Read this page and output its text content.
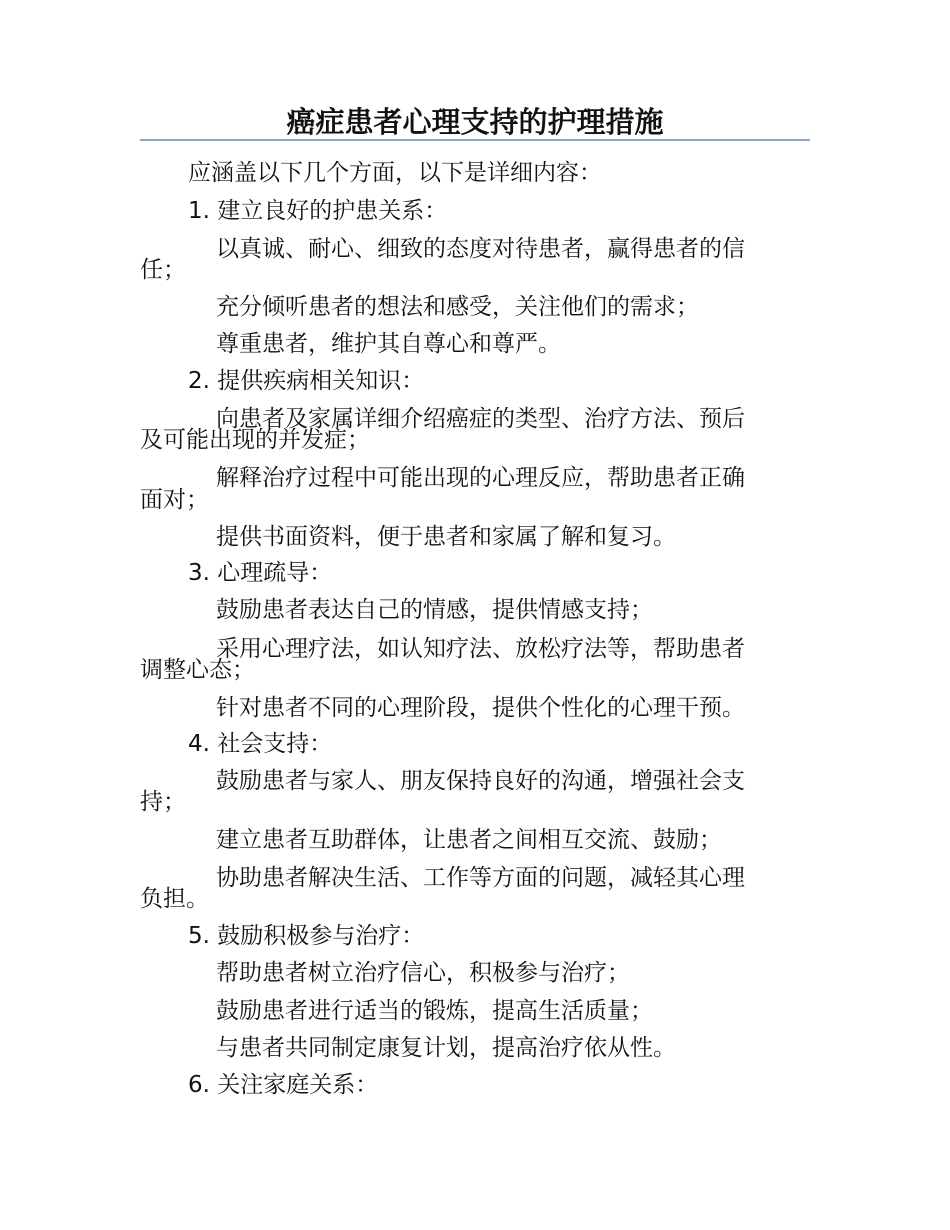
癌症患者心理支持的护理措施
应涵盖以下几个方面，以下是详细内容：
1. 建立良好的护患关系：
以真诚、耐心、细致的态度对待患者，赢得患者的信
任；
充分倾听患者的想法和感受，关注他们的需求；
尊重患者，维护其自尊心和尊严。
2. 提供疾病相关知识：
向患者及家属详细介绍癌症的类型、治疗方法、预后
及可能出现的并发症；
解释治疗过程中可能出现的心理反应，帮助患者正确
面对；
提供书面资料，便于患者和家属了解和复习。
3. 心理疏导：
鼓励患者表达自己的情感，提供情感支持；
采用心理疗法，如认知疗法、放松疗法等，帮助患者
调整心态；
针对患者不同的心理阶段，提供个性化的心理干预。
4. 社会支持：
鼓励患者与家人、朋友保持良好的沟通，增强社会支
持；
建立患者互助群体，让患者之间相互交流、鼓励；
协助患者解决生活、工作等方面的问题，减轻其心理
负担。
5. 鼓励积极参与治疗：
帮助患者树立治疗信心，积极参与治疗；
鼓励患者进行适当的锻炼，提高生活质量；
与患者共同制定康复计划，提高治疗依从性。
6. 关注家庭关系：
